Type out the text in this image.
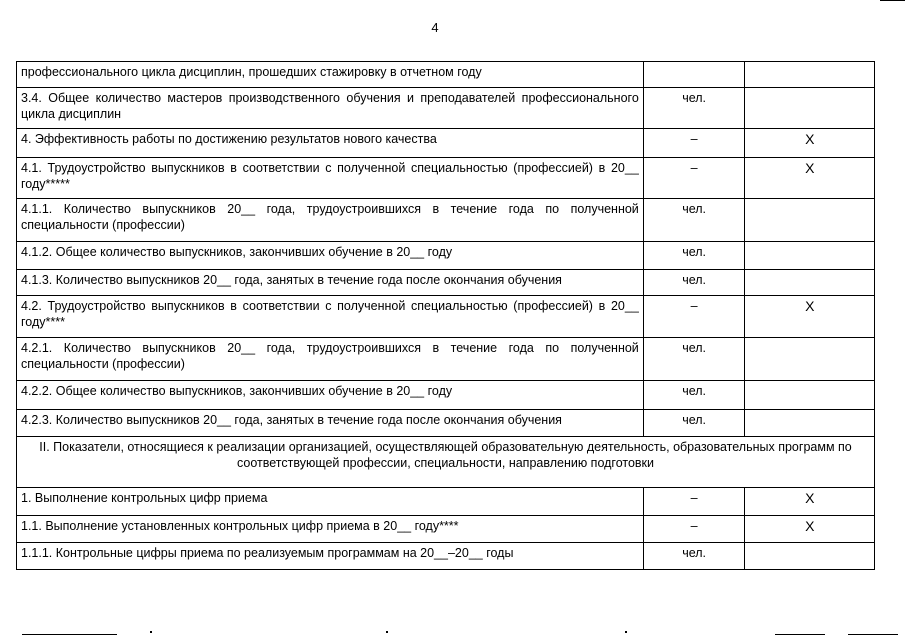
4
профессионального цикла дисциплин, прошедших стажировку в отчетном году		
3.4. Общее количество мастеров производственного обучения и преподавателей профессионального цикла дисциплин	чел.	
4. Эффективность работы по достижению результатов нового качества	–	X
4.1. Трудоустройство выпускников в соответствии с полученной специальностью (профессией) в 20__ году*****	–	X
4.1.1. Количество выпускников 20__ года, трудоустроившихся в течение года по полученной специальности (профессии)	чел.	
4.1.2. Общее количество выпускников, закончивших обучение в 20__ году	чел.	
4.1.3. Количество выпускников 20__ года, занятых в течение года после окончания обучения	чел.	
4.2. Трудоустройство выпускников в соответствии с полученной специальностью (профессией) в 20__ году****	–	X
4.2.1. Количество выпускников 20__ года, трудоустроившихся в течение года по полученной специальности (профессии)	чел.	
4.2.2. Общее количество выпускников, закончивших обучение в 20__ году	чел.	
4.2.3. Количество выпускников 20__ года, занятых в течение года после окончания обучения	чел.	
II. Показатели, относящиеся к реализации организацией, осуществляющей образовательную деятельность, образовательных программ по соответствующей профессии, специальности, направлению подготовки		
1. Выполнение контрольных цифр приема	–	X
1.1. Выполнение установленных контрольных цифр приема в 20__ году****	–	X
1.1.1. Контрольные цифры приема по реализуемым программам на 20__–20__ годы	чел.	
